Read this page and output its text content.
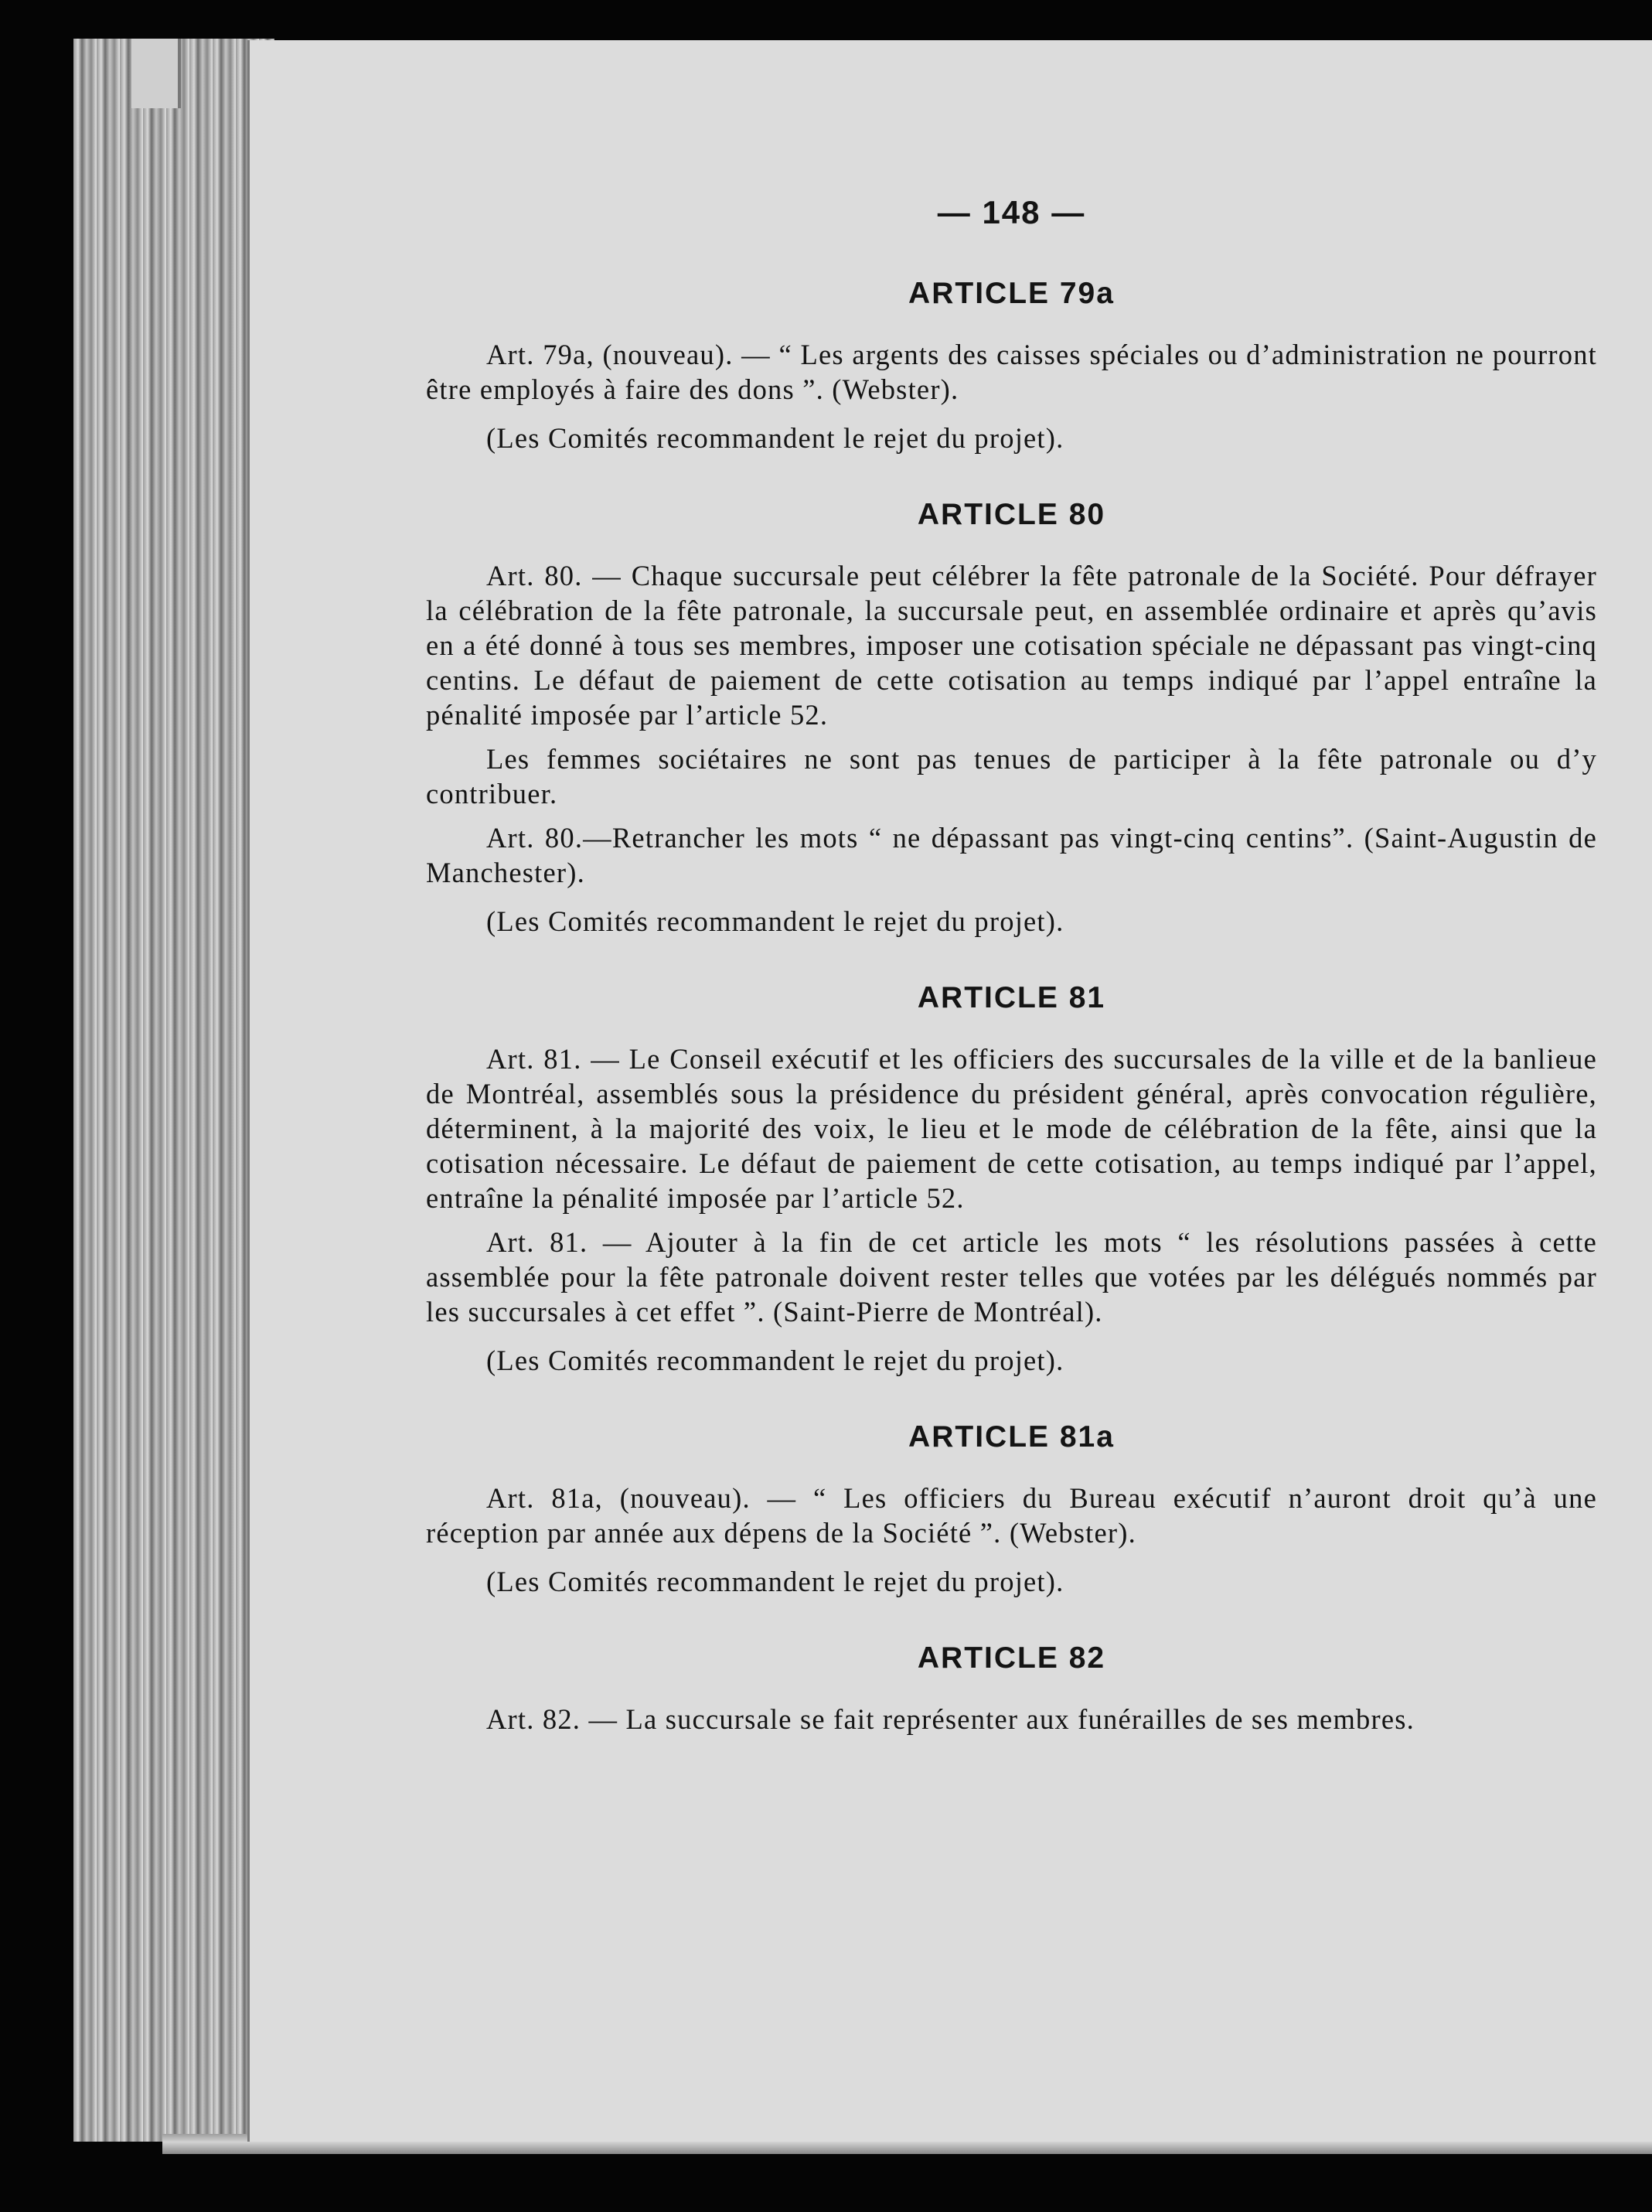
— 148 —
ARTICLE 79a

Art. 79a, (nouveau). — “ Les argents des caisses spéciales ou d’administration ne pourront être employés à faire des dons ”. (Webster).

(Les Comités recommandent le rejet du projet).

ARTICLE 80

Art. 80. — Chaque succursale peut célébrer la fête patronale de la Société. Pour défrayer la célébration de la fête patronale, la succursale peut, en assemblée ordinaire et après qu’avis en a été donné à tous ses membres, imposer une cotisation spéciale ne dépassant pas vingt-cinq centins. Le défaut de paiement de cette cotisation au temps indiqué par l’appel entraîne la pénalité imposée par l’article 52.

Les femmes sociétaires ne sont pas tenues de participer à la fête patronale ou d’y contribuer.

Art. 80.—Retrancher les mots “ ne dépassant pas vingt-cinq centins”. (Saint-Augustin de Manchester).

(Les Comités recommandent le rejet du projet).

ARTICLE 81

Art. 81. — Le Conseil exécutif et les officiers des succursales de la ville et de la banlieue de Montréal, assemblés sous la présidence du président général, après convocation régulière, déterminent, à la majorité des voix, le lieu et le mode de célébration de la fête, ainsi que la cotisation nécessaire. Le défaut de paiement de cette cotisation, au temps indiqué par l’appel, entraîne la pénalité imposée par l’article 52.

Art. 81. — Ajouter à la fin de cet article les mots “ les résolutions passées à cette assemblée pour la fête patronale doivent rester telles que votées par les délégués nommés par les succursales à cet effet ”. (Saint-Pierre de Montréal).

(Les Comités recommandent le rejet du projet).

ARTICLE 81a

Art. 81a, (nouveau). — “ Les officiers du Bureau exécutif n’auront droit qu’à une réception par année aux dépens de la Société ”. (Webster).

(Les Comités recommandent le rejet du projet).

ARTICLE 82

Art. 82. — La succursale se fait représenter aux funérailles de ses membres.
